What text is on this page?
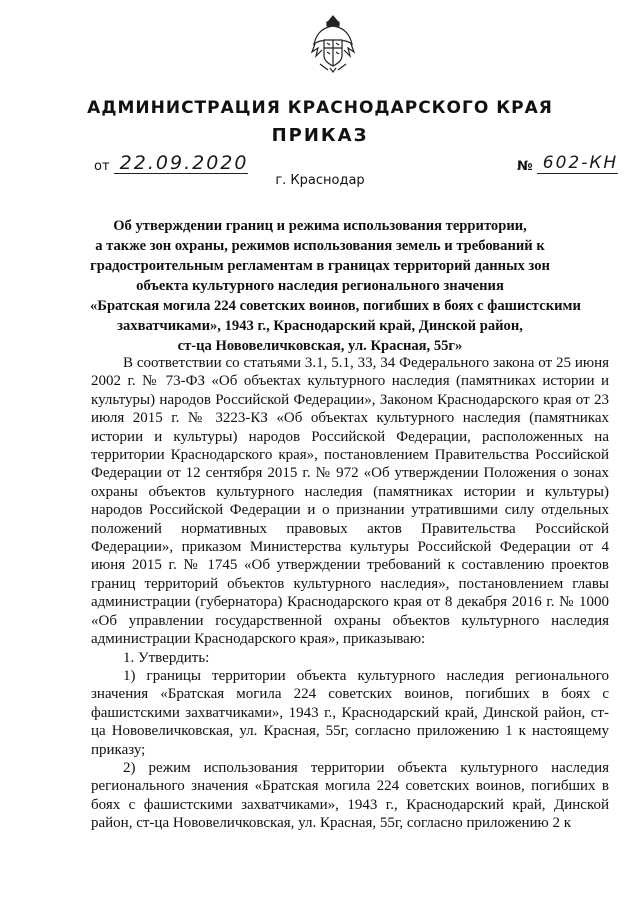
АДМИНИСТРАЦИЯ КРАСНОДАРСКОГО КРАЯ
ПРИКАЗ
от 22.09.2020	№ 602-КН
г. Краснодар
Об утверждении границ и режима использования территории,
а также зон охраны, режимов использования земель и требований к
градостроительным регламентам в границах территорий данных зон
объекта культурного наследия регионального значения
«Братская могила 224 советских воинов, погибших в боях с фашистскими
захватчиками», 1943 г., Краснодарский край, Динской район,
ст-ца Нововеличковская, ул. Красная, 55г»

В соответствии со статьями 3.1, 5.1, 33, 34 Федерального закона от 25 июня 2002 г. № 73-ФЗ «Об объектах культурного наследия (памятниках истории и культуры) народов Российской Федерации», Законом Краснодарского края от 23 июля 2015 г. № 3223-КЗ «Об объектах культурного наследия (памятниках истории и культуры) народов Российской Федерации, расположенных на территории Краснодарского края», постановлением Правительства Российской Федерации от 12 сентября 2015 г. № 972 «Об утверждении Положения о зонах охраны объектов культурного наследия (памятниках истории и культуры) народов Российской Федерации и о признании утратившими силу отдельных положений нормативных правовых актов Правительства Российской Федерации», приказом Министерства культуры Российской Федерации от 4 июня 2015 г. № 1745 «Об утверждении требований к составлению проектов границ территорий объектов культурного наследия», постановлением главы администрации (губернатора) Краснодарского края от 8 декабря 2016 г. № 1000 «Об управлении государственной охраны объектов культурного наследия администрации Краснодарского края», приказываю:

1. Утвердить:

1) границы территории объекта культурного наследия регионального значения «Братская могила 224 советских воинов, погибших в боях с фашистскими захватчиками», 1943 г., Краснодарский край, Динской район, ст-ца Нововеличковская, ул. Красная, 55г, согласно приложению 1 к настоящему приказу;

2) режим использования территории объекта культурного наследия регионального значения «Братская могила 224 советских воинов, погибших в боях с фашистскими захватчиками», 1943 г., Краснодарский край, Динской район, ст-ца Нововеличковская, ул. Красная, 55г, согласно приложению 2 к
